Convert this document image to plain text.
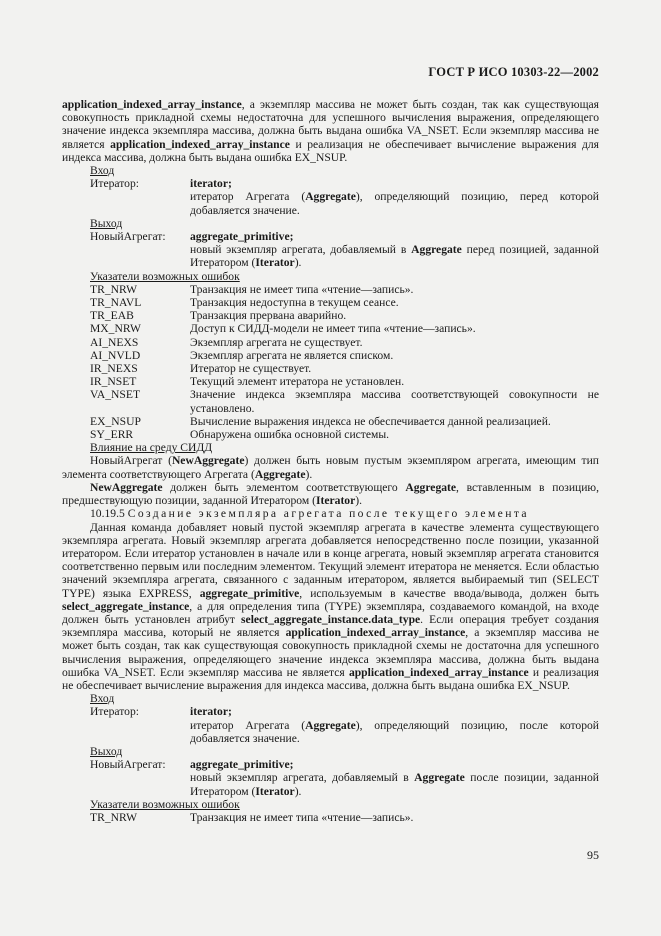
ГОСТ Р ИСО 10303-22—2002

application_indexed_array_instance, а экземпляр массива не может быть создан, так как существующая совокупность прикладной схемы недостаточна для успешного вычисления выражения, определяющего значение индекса экземпляра массива, должна быть выдана ошибка VA_NSET. Если экземпляр массива не является application_indexed_array_instance и реализация не обеспечивает вычисление выражения для индекса массива, должна быть выдана ошибка EX_NSUP.

Вход
Итератор:	iterator;
итератор Агрегата (Aggregate), определяющий позицию, перед которой добавляется значение.
Выход
НовыйАгрегат:	aggregate_primitive;
новый экземпляр агрегата, добавляемый в Aggregate перед позицией, заданной Итератором (Iterator).
Указатели возможных ошибок
TR_NRW	Транзакция не имеет типа «чтение—запись».
TR_NAVL	Транзакция недоступна в текущем сеансе.
TR_EAB	Транзакция прервана аварийно.
MX_NRW	Доступ к СИДД-модели не имеет типа «чтение—запись».
AI_NEXS	Экземпляр агрегата не существует.
AI_NVLD	Экземпляр агрегата не является списком.
IR_NEXS	Итератор не существует.
IR_NSET	Текущий элемент итератора не установлен.
VA_NSET	Значение индекса экземпляра массива соответствующей совокупности не установлено.
EX_NSUP	Вычисление выражения индекса не обеспечивается данной реализацией.
SY_ERR	Обнаружена ошибка основной системы.
Влияние на среду СИДД

НовыйАгрегат (NewAggregate) должен быть новым пустым экземпляром агрегата, имеющим тип элемента соответствующего Агрегата (Aggregate).

NewAggregate должен быть элементом соответствующего Aggregate, вставленным в позицию, предшествующую позиции, заданной Итератором (Iterator).

10.19.5 Создание экземпляра агрегата после текущего элемента

Данная команда добавляет новый пустой экземпляр агрегата в качестве элемента существующего экземпляра агрегата. Новый экземпляр агрегата добавляется непосредственно после позиции, указанной итератором. Если итератор установлен в начале или в конце агрегата, новый экземпляр агрегата становится соответственно первым или последним элементом. Текущий элемент итератора не меняется. Если областью значений экземпляра агрегата, связанного с заданным итератором, является выбираемый тип (SELECT TYPE) языка EXPRESS, aggregate_primitive, используемым в качестве ввода/вывода, должен быть select_aggregate_instance, а для определения типа (TYPE) экземпляра, создаваемого командой, на входе должен быть установлен атрибут select_aggregate_instance.data_type. Если операция требует создания экземпляра массива, который не является application_indexed_array_instance, а экземпляр массива не может быть создан, так как существующая совокупность прикладной схемы не достаточна для успешного вычисления выражения, определяющего значение индекса экземпляра массива, должна быть выдана ошибка VA_NSET. Если экземпляр массива не является application_indexed_array_instance и реализация не обеспечивает вычисление выражения для индекса массива, должна быть выдана ошибка EX_NSUP.

Вход
Итератор:	iterator;
итератор Агрегата (Aggregate), определяющий позицию, после которой добавляется значение.
Выход
НовыйАгрегат:	aggregate_primitive;
новый экземпляр агрегата, добавляемый в Aggregate после позиции, заданной Итератором (Iterator).
Указатели возможных ошибок
TR_NRW	Транзакция не имеет типа «чтение—запись».
95
